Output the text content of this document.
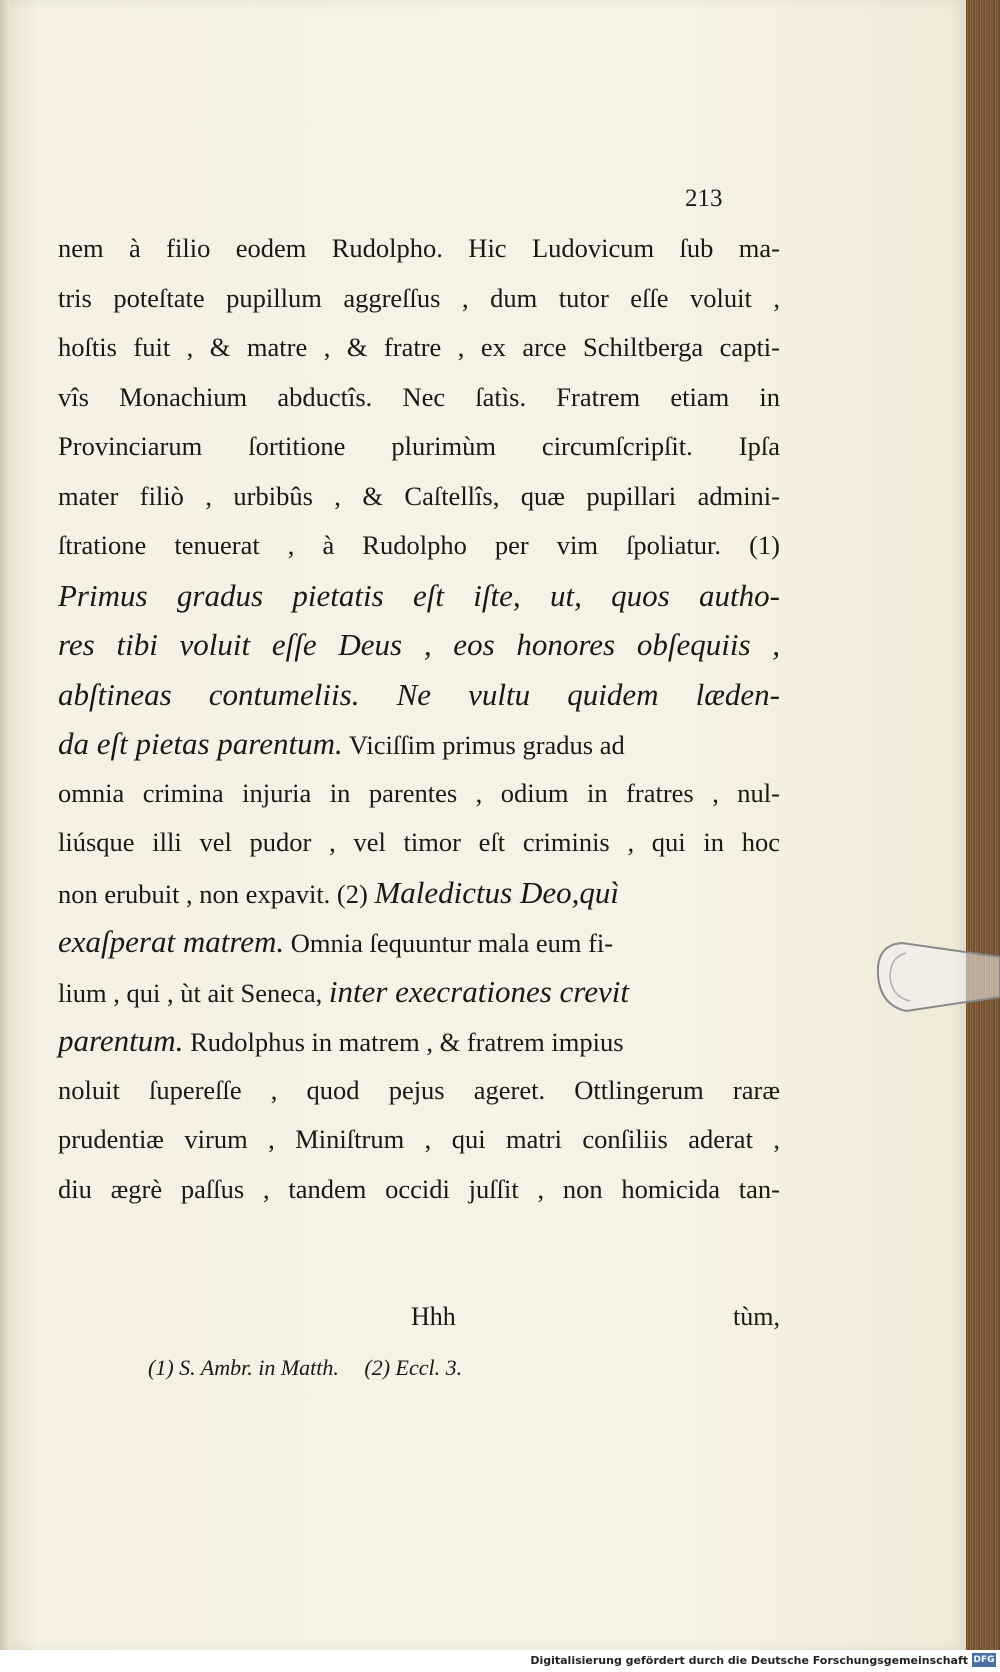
213
nem à filio eodem Rudolpho. Hic Ludovicum ſub ma-
tris poteſtate pupillum aggreſſus , dum tutor eſſe voluit ,
hoſtis fuit , & matre , & fratre , ex arce Schiltberga capti-
vîs Monachium abductîs. Nec ſatìs. Fratrem etiam in
Provinciarum ſortitione plurimùm circumſcripſit. Ipſa
mater filiò , urbibûs , & Caſtellîs, quæ pupillari admini-
ſtratione tenuerat , à Rudolpho per vim ſpoliatur. (1)
Primus gradus pietatis eſt iſte, ut, quos autho-
res tibi voluit eſſe Deus , eos honores obſequiis ,
abſtineas contumeliis. Ne vultu quidem læden-
da eſt pietas parentum. Viciſſim primus gradus ad
omnia crimina injuria in parentes , odium in fratres , nul-
liúsque illi vel pudor , vel timor eſt criminis , qui in hoc
non erubuit , non expavit. (2) Maledictus Deo,quì
exaſperat matrem. Omnia ſequuntur mala eum fi-
lium , qui , ùt ait Seneca, inter execrationes crevit
parentum. Rudolphus in matrem , & fratrem impius
noluit ſupereſſe , quod pejus ageret. Ottlingerum raræ
prudentiæ virum , Miniſtrum , qui matri conſiliis aderat ,
diu ægrè paſſus , tandem occidi juſſit , non homicida tan-
Hhh	tùm,
(1) S. Ambr. in Matth. (2) Eccl. 3.
Digitalisierung gefördert durch die Deutsche Forschungsgemeinschaft DFG
